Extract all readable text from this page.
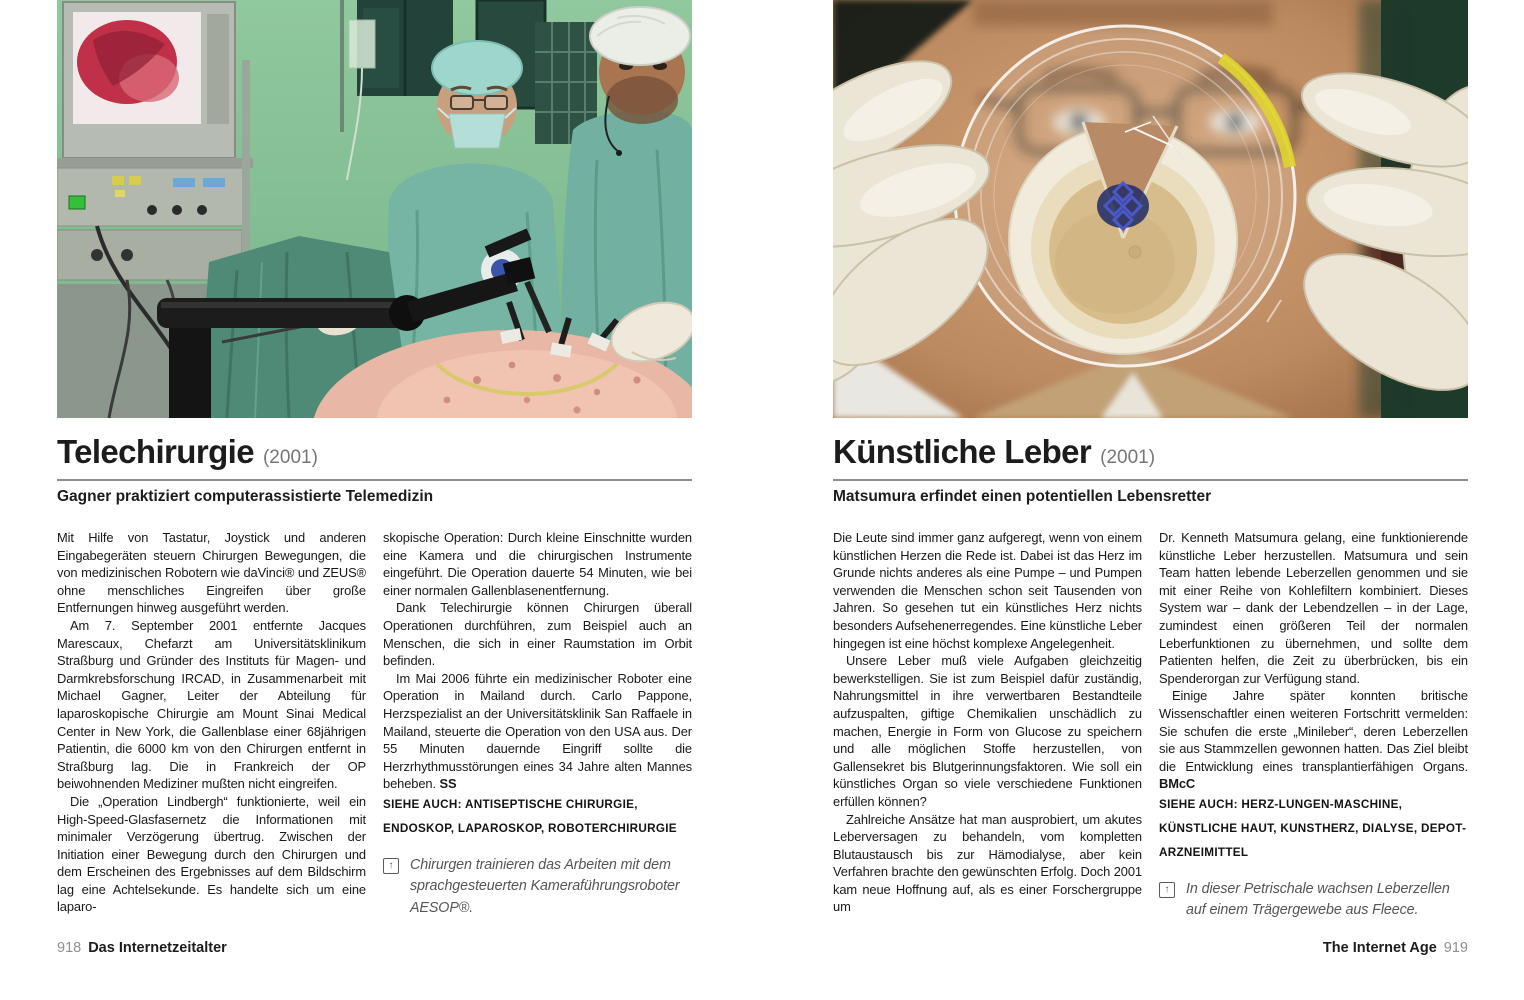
Telechirurgie (2001)
Gagner praktiziert computerassistierte Telemedizin

Mit Hilfe von Tastatur, Joystick und anderen Eingabegeräten steuern Chirurgen Bewegungen, die von medizinischen Robotern wie daVinci® und ZEUS® ohne menschliches Eingreifen über große Entfernungen hinweg ausgeführt werden.

Am 7. September 2001 entfernte Jacques Marescaux, Chefarzt am Universitätsklinikum Straßburg und Gründer des Instituts für Magen- und Darmkrebsforschung IRCAD, in Zusammenarbeit mit Michael Gagner, Leiter der Abteilung für laparoskopische Chirurgie am Mount Sinai Medical Center in New York, die Gallenblase einer 68jährigen Patientin, die 6000 km von den Chirurgen entfernt in Straßburg lag. Die in Frankreich der OP beiwohnenden Mediziner mußten nicht eingreifen.

Die „Operation Lindbergh“ funktionierte, weil ein High-Speed-Glasfasernetz die Informationen mit minimaler Verzögerung übertrug. Zwischen der Initiation einer Bewegung durch den Chirurgen und dem Erscheinen des Ergebnisses auf dem Bildschirm lag eine Achtelsekunde. Es handelte sich um eine laparo-

skopische Operation: Durch kleine Einschnitte wurden eine Kamera und die chirurgischen Instrumente eingeführt. Die Operation dauerte 54 Minuten, wie bei einer normalen Gallenblasenentfernung.

Dank Telechirurgie können Chirurgen überall Operationen durchführen, zum Beispiel auch an Menschen, die sich in einer Raumstation im Orbit befinden.

Im Mai 2006 führte ein medizinischer Roboter eine Operation in Mailand durch. Carlo Pappone, Herzspezialist an der Universitätsklinik San Raffaele in Mailand, steuerte die Operation von den USA aus. Der 55 Minuten dauernde Eingriff sollte die Herzrhythmusstörungen eines 34 Jahre alten Mannes beheben. SS

SIEHE AUCH: ANTISEPTISCHE CHIRURGIE, ENDOSKOP, LAPAROSKOP, ROBOTERCHIRURGIE

↑	Chirurgen trainieren das Arbeiten mit dem sprachgesteuerten Kameraführungsroboter AESOP®.
Künstliche Leber (2001)
Matsumura erfindet einen potentiellen Lebensretter

Die Leute sind immer ganz aufgeregt, wenn von einem künstlichen Herzen die Rede ist. Dabei ist das Herz im Grunde nichts anderes als eine Pumpe – und Pumpen verwenden die Menschen schon seit Tausenden von Jahren. So gesehen tut ein künstliches Herz nichts besonders Aufsehenerregendes. Eine künstliche Leber hingegen ist eine höchst komplexe Angelegenheit.

Unsere Leber muß viele Aufgaben gleichzeitig bewerkstelligen. Sie ist zum Beispiel dafür zuständig, Nahrungsmittel in ihre verwertbaren Bestandteile aufzuspalten, giftige Chemikalien unschädlich zu machen, Energie in Form von Glucose zu speichern und alle möglichen Stoffe herzustellen, von Gallensekret bis Blutgerinnungsfaktoren. Wie soll ein künstliches Organ so viele verschiedene Funktionen erfüllen können?

Zahlreiche Ansätze hat man ausprobiert, um akutes Leberversagen zu behandeln, vom kompletten Blutaustausch bis zur Hämodialyse, aber kein Verfahren brachte den gewünschten Erfolg. Doch 2001 kam neue Hoffnung auf, als es einer Forschergruppe um

Dr. Kenneth Matsumura gelang, eine funktionierende künstliche Leber herzustellen. Matsumura und sein Team hatten lebende Leberzellen genommen und sie mit einer Reihe von Kohlefiltern kombiniert. Dieses System war – dank der Lebendzellen – in der Lage, zumindest einen größeren Teil der normalen Leberfunktionen zu übernehmen, und sollte dem Patienten helfen, die Zeit zu überbrücken, bis ein Spenderorgan zur Verfügung stand.

Einige Jahre später konnten britische Wissenschaftler einen weiteren Fortschritt vermelden: Sie schufen die erste „Minileber“, deren Leberzellen sie aus Stammzellen gewonnen hatten. Das Ziel bleibt die Entwicklung eines transplantierfähigen Organs. BMcC

SIEHE AUCH: HERZ-LUNGEN-MASCHINE, KÜNSTLICHE HAUT, KUNSTHERZ, DIALYSE, DEPOT-ARZNEIMITTEL

↑	In dieser Petrischale wachsen Leberzellen auf einem Trägergewebe aus Fleece.
918 Das Internetzeitalter	The Internet Age 919
